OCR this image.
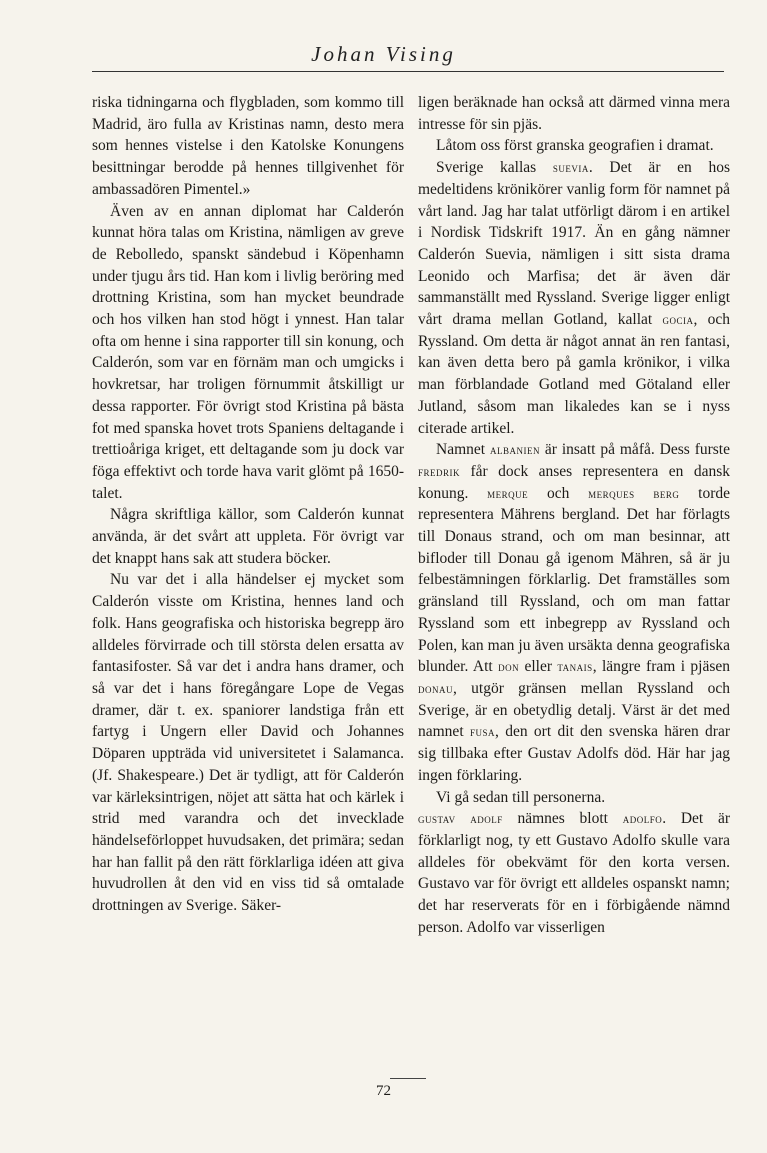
Johan Vising

riska tidningarna och flygbladen, som kommo till Madrid, äro fulla av Kristinas namn, desto mera som hennes vistelse i den Katolske Konungens besittningar berodde på hennes tillgivenhet för ambassadören Pimentel.»

Även av en annan diplomat har Calderón kunnat höra talas om Kristina, nämligen av greve de Rebolledo, spanskt sändebud i Köpenhamn under tjugu års tid. Han kom i livlig beröring med drottning Kristina, som han mycket beundrade och hos vilken han stod högt i ynnest. Han talar ofta om henne i sina rapporter till sin konung, och Calderón, som var en förnäm man och umgicks i hovkretsar, har troligen förnummit åtskilligt ur dessa rapporter. För övrigt stod Kristina på bästa fot med spanska hovet trots Spaniens deltagande i trettioåriga kriget, ett deltagande som ju dock var föga effektivt och torde hava varit glömt på 1650-talet.

Några skriftliga källor, som Calderón kunnat använda, är det svårt att uppleta. För övrigt var det knappt hans sak att studera böcker.

Nu var det i alla händelser ej mycket som Calderón visste om Kristina, hennes land och folk. Hans geografiska och historiska begrepp äro alldeles förvirrade och till största delen ersatta av fantasifoster. Så var det i andra hans dramer, och så var det i hans föregångare Lope de Vegas dramer, där t. ex. spaniorer landstiga från ett fartyg i Ungern eller David och Johannes Döparen uppträda vid universitetet i Salamanca. (Jf. Shakespeare.) Det är tydligt, att för Calderón var kärleksintrigen, nöjet att sätta hat och kärlek i strid med varandra och det invecklade händelseförloppet huvudsaken, det primära; sedan har han fallit på den rätt förklarliga idéen att giva huvudrollen åt den vid en viss tid så omtalade drottningen av Sverige. Säker-

ligen beräknade han också att därmed vinna mera intresse för sin pjäs.

Låtom oss först granska geografien i dramat.

Sverige kallas suevia. Det är en hos medeltidens krönikörer vanlig form för namnet på vårt land. Jag har talat utförligt därom i en artikel i Nordisk Tidskrift 1917. Än en gång nämner Calderón Suevia, nämligen i sitt sista drama Leonido och Marfisa; det är även där sammanställt med Ryssland. Sverige ligger enligt vårt drama mellan Gotland, kallat gocia, och Ryssland. Om detta är något annat än ren fantasi, kan även detta bero på gamla krönikor, i vilka man förblandade Gotland med Götaland eller Jutland, såsom man likaledes kan se i nyss citerade artikel.

Namnet albanien är insatt på måfå. Dess furste fredrik får dock anses representera en dansk konung. merque och merques berg torde representera Mährens bergland. Det har förlagts till Donaus strand, och om man besinnar, att bifloder till Donau gå igenom Mähren, så är ju felbestämningen förklarlig. Det framställes som gränsland till Ryssland, och om man fattar Ryssland som ett inbegrepp av Ryssland och Polen, kan man ju även ursäkta denna geografiska blunder. Att don eller tanais, längre fram i pjäsen donau, utgör gränsen mellan Ryssland och Sverige, är en obetydlig detalj. Värst är det med namnet fusa, den ort dit den svenska hären drar sig tillbaka efter Gustav Adolfs död. Här har jag ingen förklaring.

Vi gå sedan till personerna.

gustav adolf nämnes blott adolfo. Det är förklarligt nog, ty ett Gustavo Adolfo skulle vara alldeles för obekvämt för den korta versen. Gustavo var för övrigt ett alldeles ospanskt namn; det har reserverats för en i förbigående nämnd person. Adolfo var visserligen

72
